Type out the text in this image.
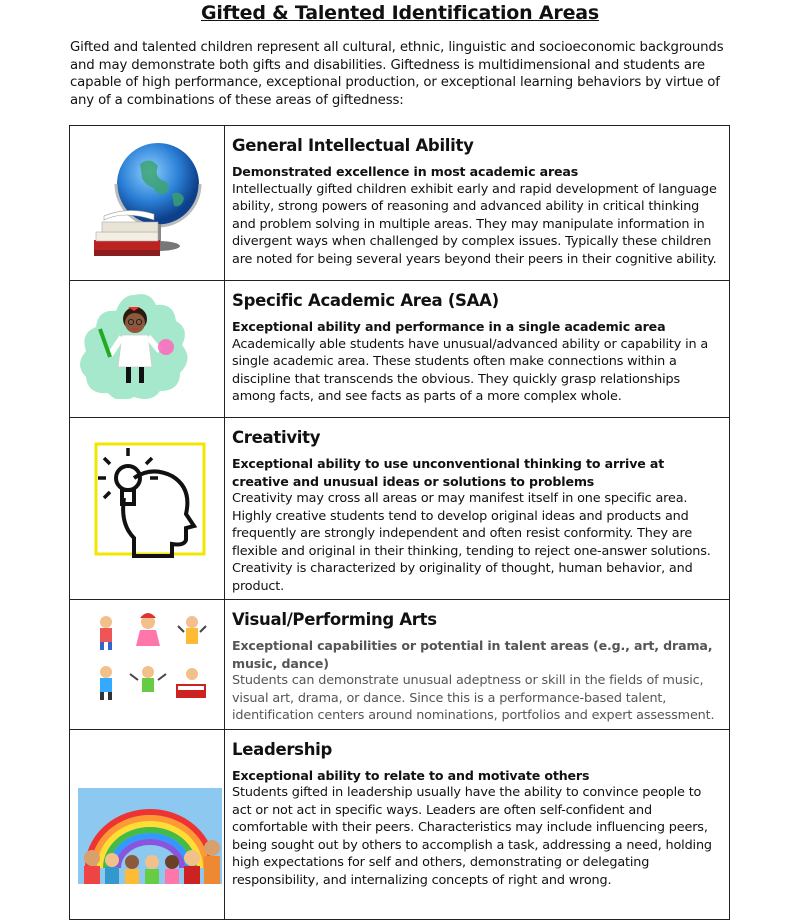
Gifted & Talented Identification Areas
Gifted and talented children represent all cultural, ethnic, linguistic and socioeconomic backgrounds and may demonstrate both gifts and disabilities. Giftedness is multidimensional and students are capable of high performance, exceptional production, or exceptional learning behaviors by virtue of any of a combinations of these areas of giftedness:

General Intellectual Ability
Demonstrated excellence in most academic areas
Intellectually gifted children exhibit early and rapid development of language ability, strong powers of reasoning and advanced ability in critical thinking and problem solving in multiple areas. They may manipulate information in divergent ways when challenged by complex issues. Typically these children are noted for being several years beyond their peers in their cognitive ability.

Specific Academic Area (SAA)
Exceptional ability and performance in a single academic area
Academically able students have unusual/advanced ability or capability in a single academic area. These students often make connections within a discipline that transcends the obvious. They quickly grasp relationships among facts, and see facts as parts of a more complex whole.

Creativity
Exceptional ability to use unconventional thinking to arrive at creative and unusual ideas or solutions to problems
Creativity may cross all areas or may manifest itself in one specific area. Highly creative students tend to develop original ideas and products and frequently are strongly independent and often resist conformity. They are flexible and original in their thinking, tending to reject one-answer solutions. Creativity is characterized by originality of thought, human behavior, and product.

Visual/Performing Arts
Exceptional capabilities or potential in talent areas (e.g., art, drama, music, dance)
Students can demonstrate unusual adeptness or skill in the fields of music, visual art, drama, or dance. Since this is a performance-based talent, identification centers around nominations, portfolios and expert assessment.

Leadership
Exceptional ability to relate to and motivate others
Students gifted in leadership usually have the ability to convince people to act or not act in specific ways. Leaders are often self-confident and comfortable with their peers. Characteristics may include influencing peers, being sought out by others to accomplish a task, addressing a need, holding high expectations for self and others, demonstrating or delegating responsibility, and internalizing concepts of right and wrong.
